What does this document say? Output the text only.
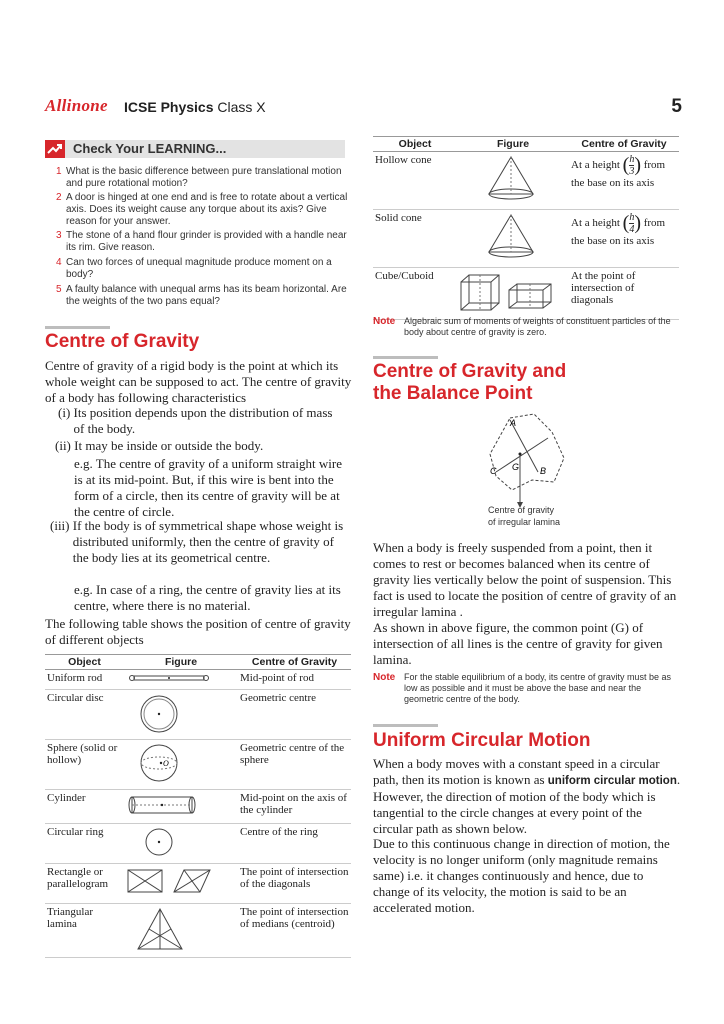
Allinone ICSE Physics Class X	5
Check Your LEARNING...
1 What is the basic difference between pure translational motion and pure rotational motion?
2 A door is hinged at one end and is free to rotate about a vertical axis. Does its weight cause any torque about its axis? Give reason for your answer.
3 The stone of a hand flour grinder is provided with a handle near its rim. Give reason.
4 Can two forces of unequal magnitude produce moment on a body?
5 A faulty balance with unequal arms has its beam horizontal. Are the weights of the two pans equal?
Centre of Gravity
Centre of gravity of a rigid body is the point at which its whole weight can be supposed to act. The centre of gravity of a body has following characteristics
(i) Its position depends upon the distribution of mass of the body.
(ii) It may be inside or outside the body.
e.g. The centre of gravity of a uniform straight wire is at its mid-point. But, if this wire is bent into the form of a circle, then its centre of gravity will be at the centre of circle.
(iii) If the body is of symmetrical shape whose weight is distributed uniformly, then the centre of gravity of the body lies at its geometrical centre.
e.g. In case of a ring, the centre of gravity lies at its centre, where there is no material.
The following table shows the position of centre of gravity of different objects
Object	Figure	Centre of Gravity
Uniform rod		Mid-point of rod
Circular disc		Geometric centre
Sphere (solid or hollow)	O	Geometric centre of the sphere
Cylinder		Mid-point on the axis of the cylinder
Circular ring		Centre of the ring
Rectangle or parallelogram		The point of intersection of the diagonals
Triangular lamina		The point of intersection of medians (centroid)
Object	Figure	Centre of Gravity
Hollow cone		At a height ( $\frac{h}{3}$ ) from
the base on its axis
Solid cone		At a height ( $\frac{h}{4}$ ) from
the base on its axis
Cube/Cuboid		At the point of intersection of diagonals
Note Algebraic sum of moments of weights of constituent particles of the body about centre of gravity is zero.
Centre of Gravity and
the Balance Point
A
B
C G
Centre of gravity
of irregular lamina
When a body is freely suspended from a point, then it comes to rest or becomes balanced when its centre of gravity lies vertically below the point of suspension. This fact is used to locate the position of centre of gravity of an irregular lamina .
As shown in above figure, the common point (G) of intersection of all lines is the centre of gravity for given lamina.
Note For the stable equilibrium of a body, its centre of gravity must be as low as possible and it must be above the base and near the geometric centre of the body.
Uniform Circular Motion
When a body moves with a constant speed in a circular path, then its motion is known as uniform circular motion. However, the direction of motion of the body which is tangential to the circle changes at every point of the circular path as shown below.
Due to this continuous change in direction of motion, the velocity is no longer uniform (only magnitude remains same) i.e. it changes continuously and hence, due to change of its velocity, the motion is said to be an accelerated motion.
